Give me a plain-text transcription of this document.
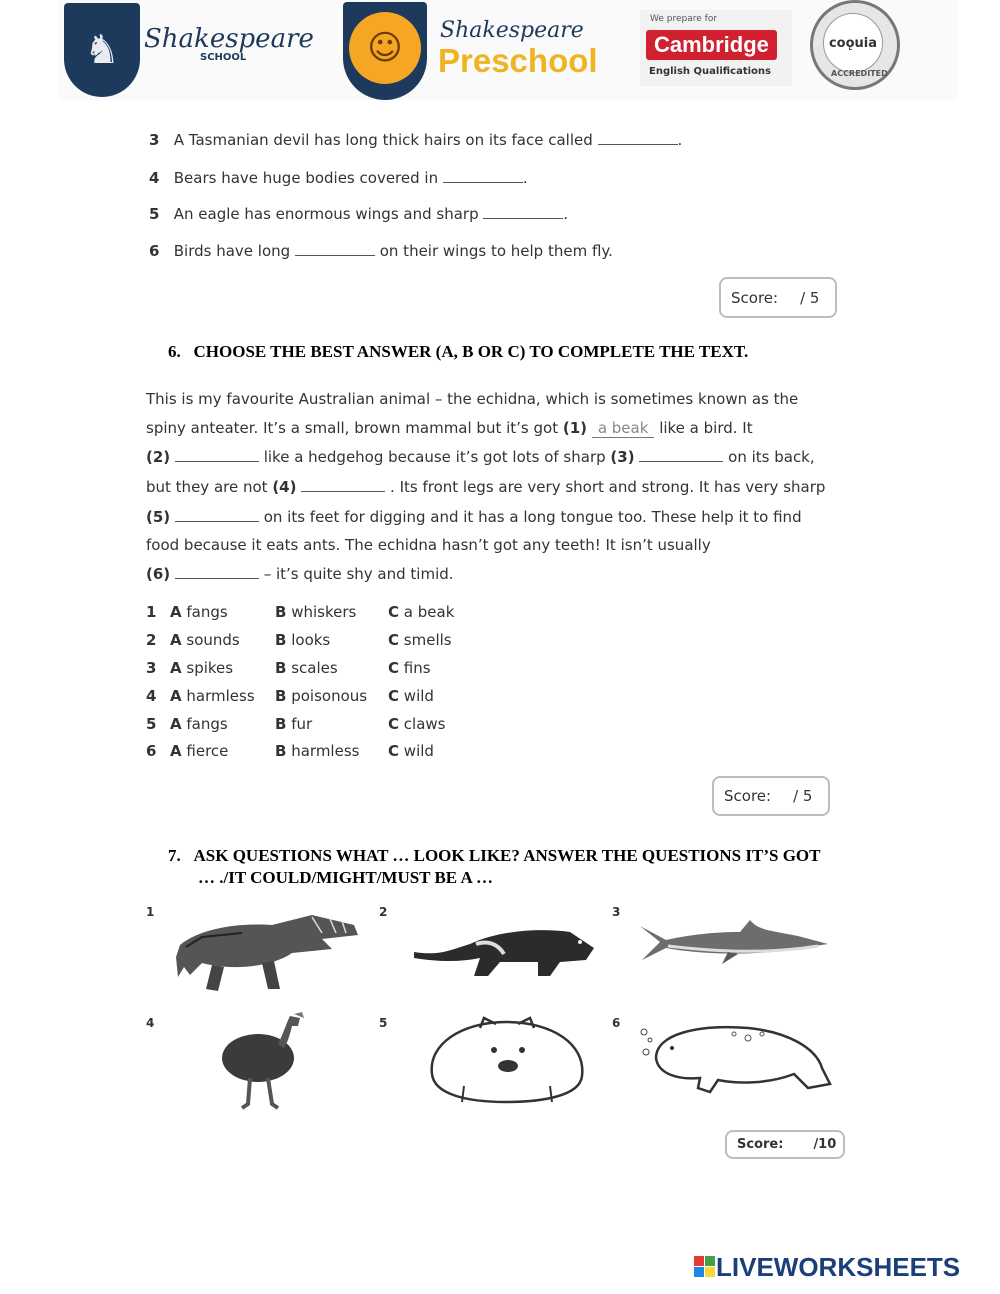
♞ Shakespeare
SCHOOL	☺	Shakespeare
Preschool
We prepare for
Cambridge
English Qualifications
coǫuia
ACCREDITED
3 A Tasmanian devil has long thick hairs on its face called	.
4 Bears have huge bodies covered in	.
5 An eagle has enormous wings and sharp	.
6 Birds have long	on their wings to help them fly.
Score: / 5
6. CHOOSE THE BEST ANSWER (A, B OR C) TO COMPLETE THE TEXT.
This is my favourite Australian animal – the echidna, which is sometimes known as the
spiny anteater. It’s a small, brown mammal but it’s got (1) a beak like a bird. It
(2)	like a hedgehog because it’s got lots of sharp (3)	on its back,
but they are not (4)	. Its front legs are very short and strong. It has very sharp
(5)	on its feet for digging and it has a long tongue too. These help it to find
food because it eats ants. The echidna hasn’t got any teeth! It isn’t usually
(6)	– it’s quite shy and timid.
1 A fangs	B whiskers C a beak
2 A sounds B looks	C smells
3 A spikes	B scales	C fins
4 A harmless B poisonous C wild
5 A fangs	B fur	C claws
6 A fierce	B harmless C wild
Score: / 5
7. ASK QUESTIONS WHAT … LOOK LIKE? ANSWER THE QUESTIONS IT’S GOT
… ./IT COULD/MIGHT/MUST BE A …
1	2	3
4	5	6
Score: /10
LIVEWORKSHEETS
